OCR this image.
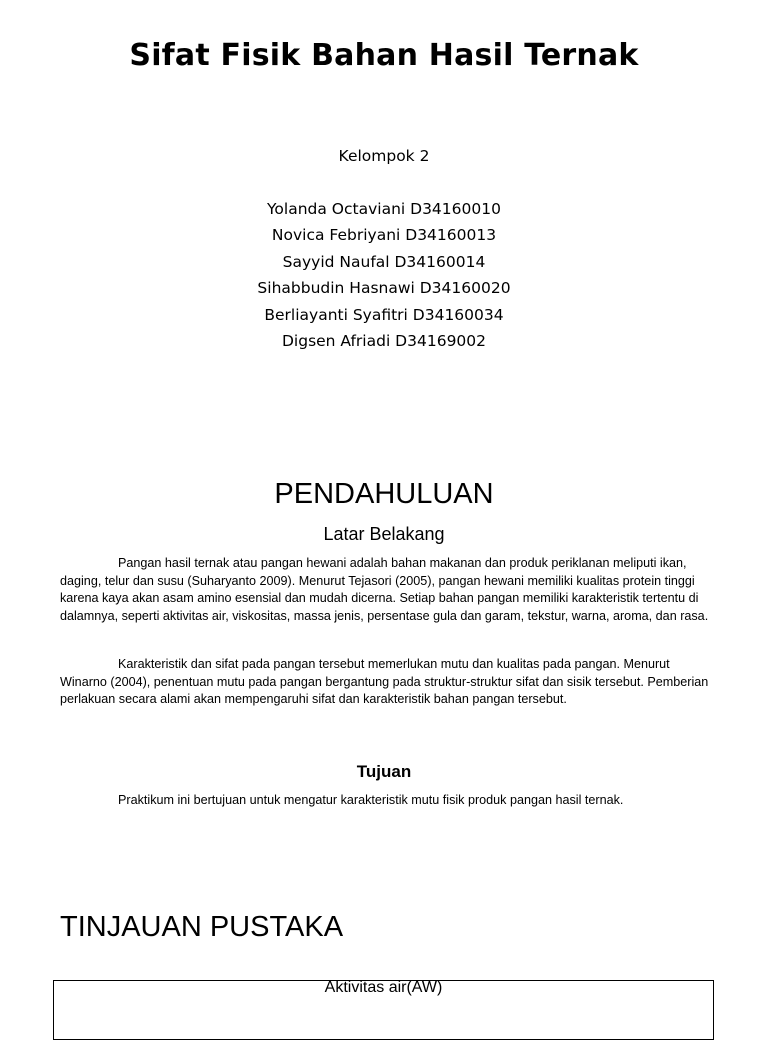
Sifat Fisik Bahan Hasil Ternak
Kelompok 2
Yolanda Octaviani D34160010
Novica Febriyani D34160013
Sayyid Naufal D34160014
Sihabbudin Hasnawi D34160020
Berliayanti Syafitri D34160034
Digsen Afriadi D34169002
PENDAHULUAN
Latar Belakang

Pangan hasil ternak atau pangan hewani adalah bahan makanan dan produk periklanan meliputi ikan, daging, telur dan susu (Suharyanto 2009). Menurut Tejasori (2005), pangan hewani memiliki kualitas protein tinggi karena kaya akan asam amino esensial dan mudah dicerna. Setiap bahan pangan memiliki karakteristik tertentu di dalamnya, seperti aktivitas air, viskositas, massa jenis, persentase gula dan garam, tekstur, warna, aroma, dan rasa.

Karakteristik dan sifat pada pangan tersebut memerlukan mutu dan kualitas pada pangan. Menurut Winarno (2004), penentuan mutu pada pangan bergantung pada struktur-struktur sifat dan sisik tersebut. Pemberian perlakuan secara alami akan mempengaruhi sifat dan karakteristik bahan pangan tersebut.

Tujuan

Praktikum ini bertujuan untuk mengatur karakteristik mutu fisik produk pangan hasil ternak.

TINJAUAN PUSTAKA
Aktivitas air(AW)
